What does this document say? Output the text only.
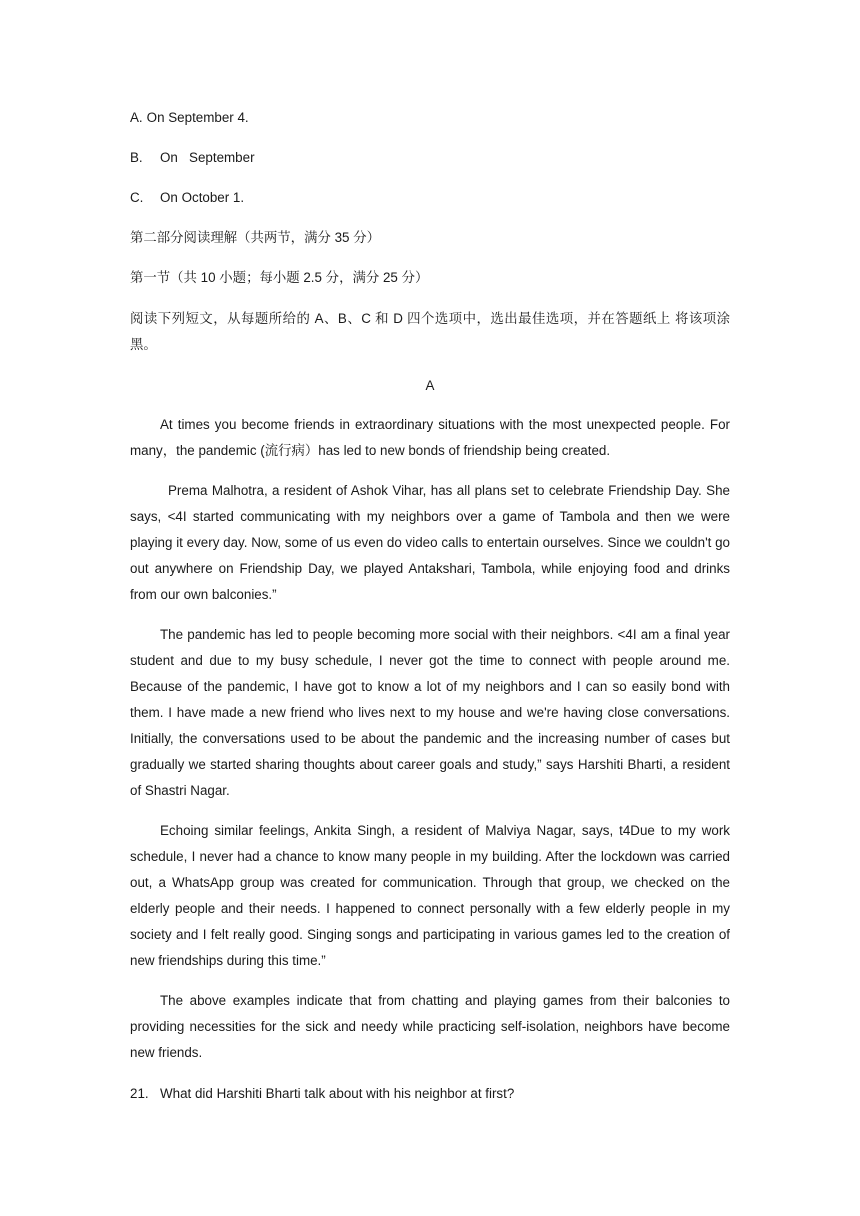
A. On September 4.
B. On   September
C. On October 1.
第二部分阅读理解（共两节，满分 35 分）
第一节（共 10 小题；每小题 2.5 分，满分 25 分）
阅读下列短文，从每题所给的 A、B、C 和 D 四个选项中，选出最佳选项，并在答题纸上 将该项涂黑。
A
At times you become friends in extraordinary situations with the most unexpected people. For many，the pandemic (流行病）has led to new bonds of friendship being created.
Prema Malhotra, a resident of Ashok Vihar, has all plans set to celebrate Friendship Day. She says, <4I started communicating with my neighbors over a game of Tambola and then we were playing it every day. Now, some of us even do video calls to entertain ourselves. Since we couldn't go out anywhere on Friendship Day, we played Antakshari, Tambola, while enjoying food and drinks from our own balconies.”
The pandemic has led to people becoming more social with their neighbors. <4I am a final year student and due to my busy schedule, I never got the time to connect with people around me. Because of the pandemic, I have got to know a lot of my neighbors and I can so easily bond with them. I have made a new friend who lives next to my house and we're having close conversations. Initially, the conversations used to be about the pandemic and the increasing number of cases but gradually we started sharing thoughts about career goals and study,” says Harshiti Bharti, a resident of Shastri Nagar.
Echoing similar feelings, Ankita Singh, a resident of Malviya Nagar, says, t4Due to my work schedule, I never had a chance to know many people in my building. After the lockdown was carried out, a WhatsApp group was created for communication. Through that group, we checked on the elderly people and their needs. I happened to connect personally with a few elderly people in my society and I felt really good. Singing songs and participating in various games led to the creation of new friendships during this time.”
The above examples indicate that from chatting and playing games from their balconies to providing necessities for the sick and needy while practicing self-isolation, neighbors have become new friends.
21. What did Harshiti Bharti talk about with his neighbor at first?
